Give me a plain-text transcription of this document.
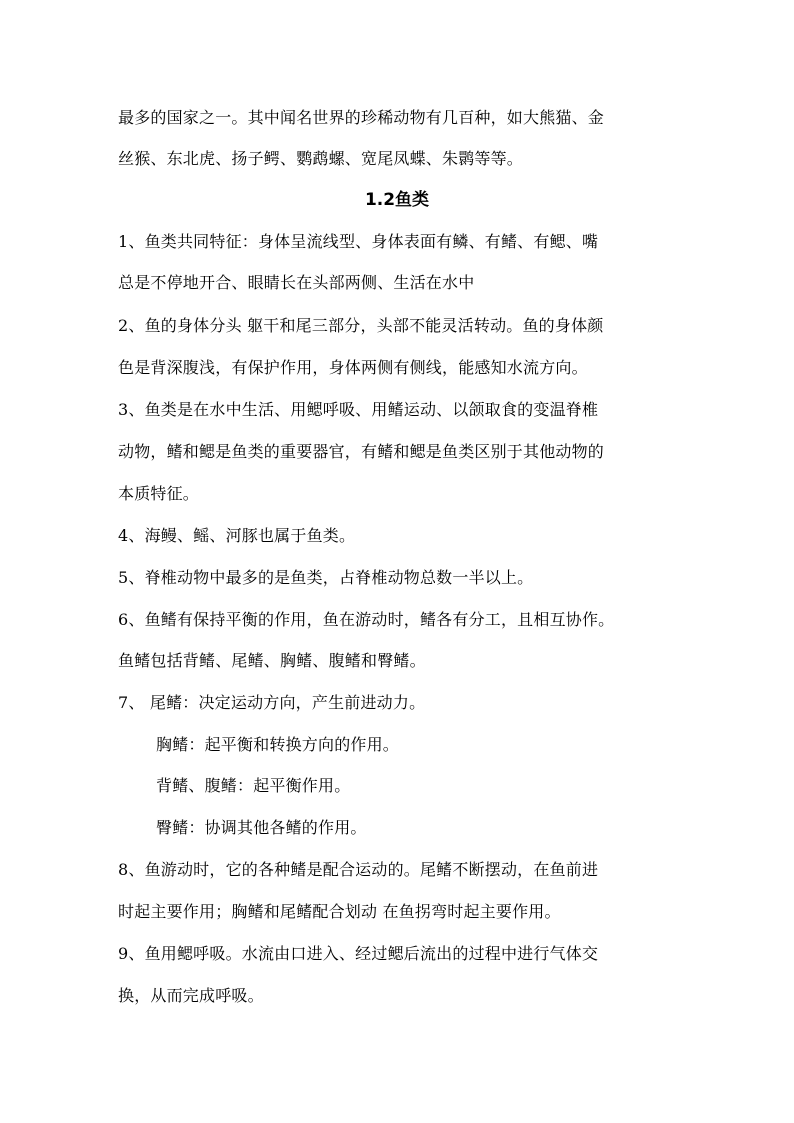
最多的国家之一。其中闻名世界的珍稀动物有几百种，如大熊猫、金
丝猴、东北虎、扬子鳄、鹦鹉螺、宽尾凤蝶、朱鹮等等。
1.2鱼类
1、鱼类共同特征：身体呈流线型、身体表面有鳞、有鳍、有鳃、嘴
总是不停地开合、眼睛长在头部两侧、生活在水中
2、鱼的身体分头 躯干和尾三部分，头部不能灵活转动。鱼的身体颜
色是背深腹浅，有保护作用，身体两侧有侧线，能感知水流方向。
3、鱼类是在水中生活、用鳃呼吸、用鳍运动、以颌取食的变温脊椎
动物，鳍和鳃是鱼类的重要器官，有鳍和鳃是鱼类区别于其他动物的
本质特征。
4、海鳗、鳐、河豚也属于鱼类。
5、脊椎动物中最多的是鱼类，占脊椎动物总数一半以上。
6、鱼鳍有保持平衡的作用，鱼在游动时，鳍各有分工，且相互协作。
鱼鳍包括背鳍、尾鳍、胸鳍、腹鳍和臀鳍。
7、 尾鳍：决定运动方向，产生前进动力。
胸鳍：起平衡和转换方向的作用。
背鳍、腹鳍：起平衡作用。
臀鳍：协调其他各鳍的作用。
8、鱼游动时，它的各种鳍是配合运动的。尾鳍不断摆动，在鱼前进
时起主要作用；胸鳍和尾鳍配合划动 在鱼拐弯时起主要作用。
9、鱼用鳃呼吸。水流由口进入、经过鳃后流出的过程中进行气体交
换，从而完成呼吸。
